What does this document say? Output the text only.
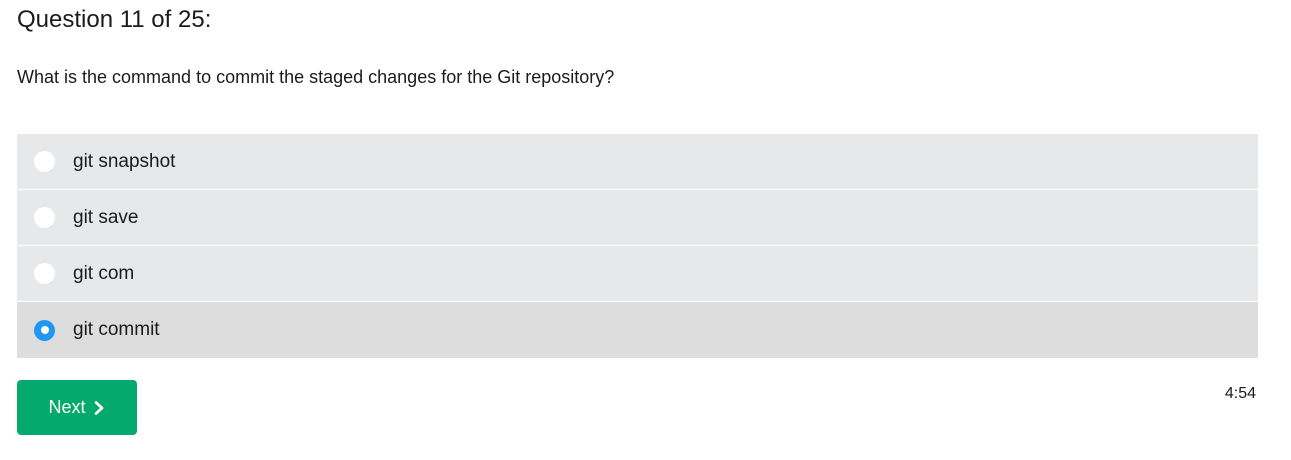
Question 11 of 25:
What is the command to commit the staged changes for the Git repository?
git snapshot
git save
git com
git commit
Next
4:54
